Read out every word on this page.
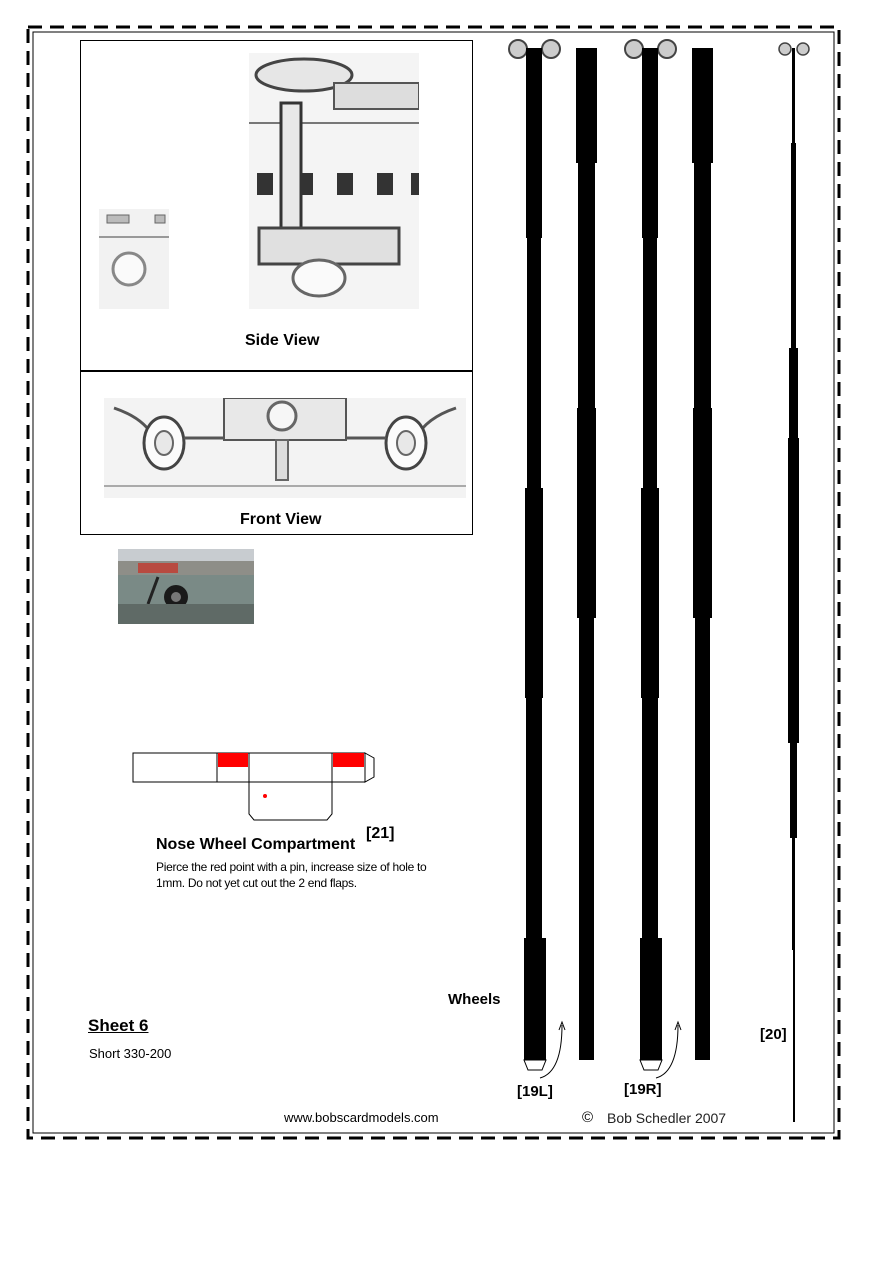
Side View
Front View
Nose Wheel Compartment
[21]
Pierce the red point with a pin, increase size of hole to
1mm. Do not yet cut out the 2 end flaps.
Wheels
[19L]	[19R]
[20]
Sheet 6
Short 330-200
www.bobscardmodels.com	© Bob Schedler 2007
